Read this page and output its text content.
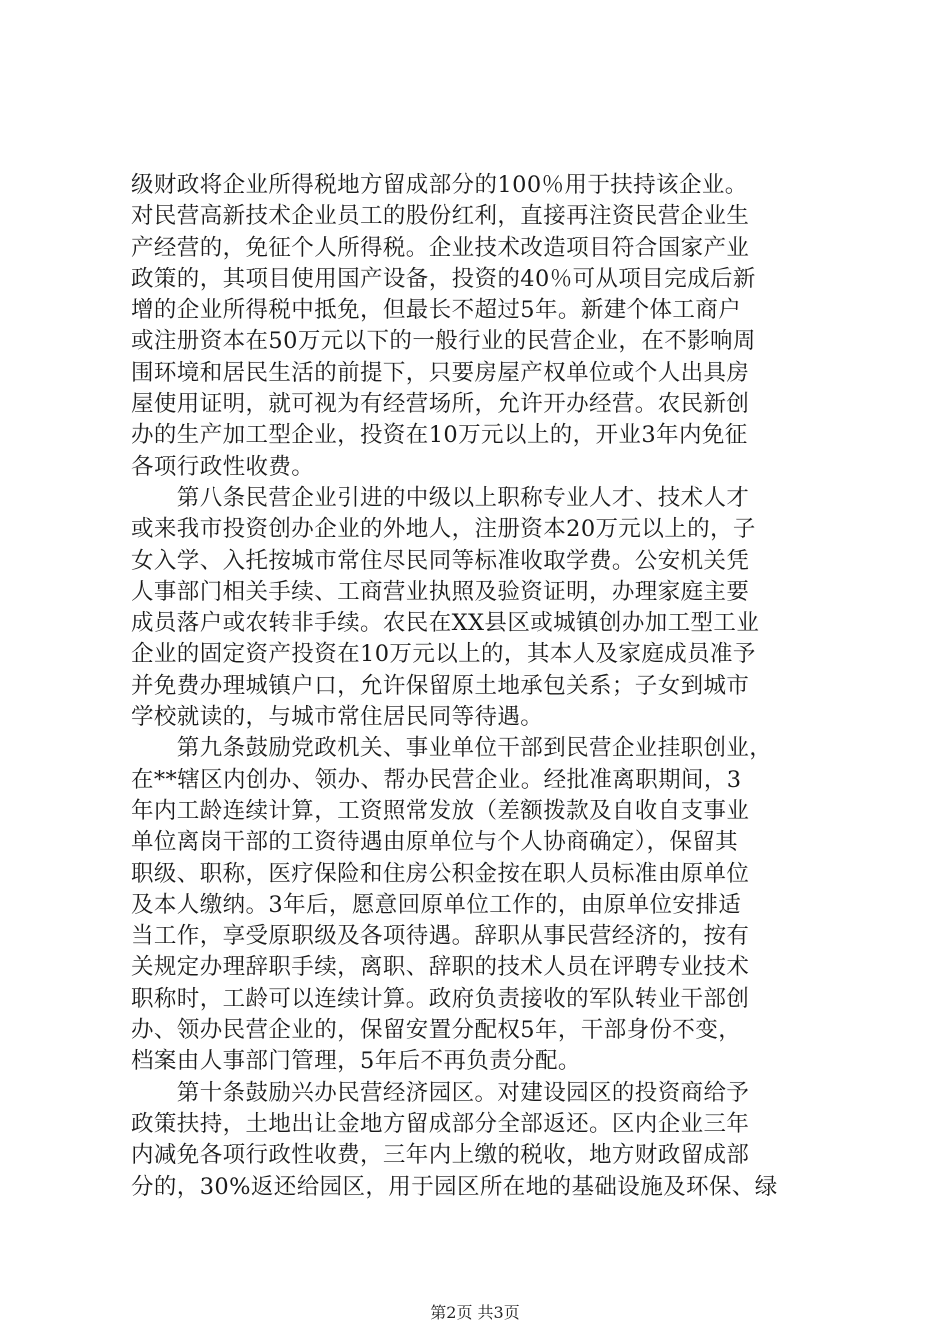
级财政将企业所得税地方留成部分的100％用于扶持该企业。
对民营高新技术企业员工的股份红利，直接再注资民营企业生
产经营的，免征个人所得税。企业技术改造项目符合国家产业
政策的，其项目使用国产设备，投资的40％可从项目完成后新
增的企业所得税中抵免，但最长不超过5年。新建个体工商户
或注册资本在50万元以下的一般行业的民营企业，在不影响周
围环境和居民生活的前提下，只要房屋产权单位或个人出具房
屋使用证明，就可视为有经营场所，允许开办经营。农民新创
办的生产加工型企业，投资在10万元以上的，开业3年内免征
各项行政性收费。
　　第八条民营企业引进的中级以上职称专业人才、技术人才
或来我市投资创办企业的外地人，注册资本20万元以上的，子
女入学、入托按城市常住尽民同等标准收取学费。公安机关凭
人事部门相关手续、工商营业执照及验资证明，办理家庭主要
成员落户或农转非手续。农民在XX县区或城镇创办加工型工业
企业的固定资产投资在10万元以上的，其本人及家庭成员准予
并免费办理城镇户口，允许保留原土地承包关系；子女到城市
学校就读的，与城市常住居民同等待遇。
　　第九条鼓励党政机关、事业单位干部到民营企业挂职创业，
在**辖区内创办、领办、帮办民营企业。经批准离职期间，3
年内工龄连续计算，工资照常发放（差额拨款及自收自支事业
单位离岗干部的工资待遇由原单位与个人协商确定），保留其
职级、职称，医疗保险和住房公积金按在职人员标准由原单位
及本人缴纳。3年后，愿意回原单位工作的，由原单位安排适
当工作，享受原职级及各项待遇。辞职从事民营经济的，按有
关规定办理辞职手续，离职、辞职的技术人员在评聘专业技术
职称时，工龄可以连续计算。政府负责接收的军队转业干部创
办、领办民营企业的，保留安置分配权5年，干部身份不变，
档案由人事部门管理，5年后不再负责分配。
　　第十条鼓励兴办民营经济园区。对建设园区的投资商给予
政策扶持，土地出让金地方留成部分全部返还。区内企业三年
内减免各项行政性收费，三年内上缴的税收，地方财政留成部
分的，30%返还给园区，用于园区所在地的基础设施及环保、绿
第2页 共3页
